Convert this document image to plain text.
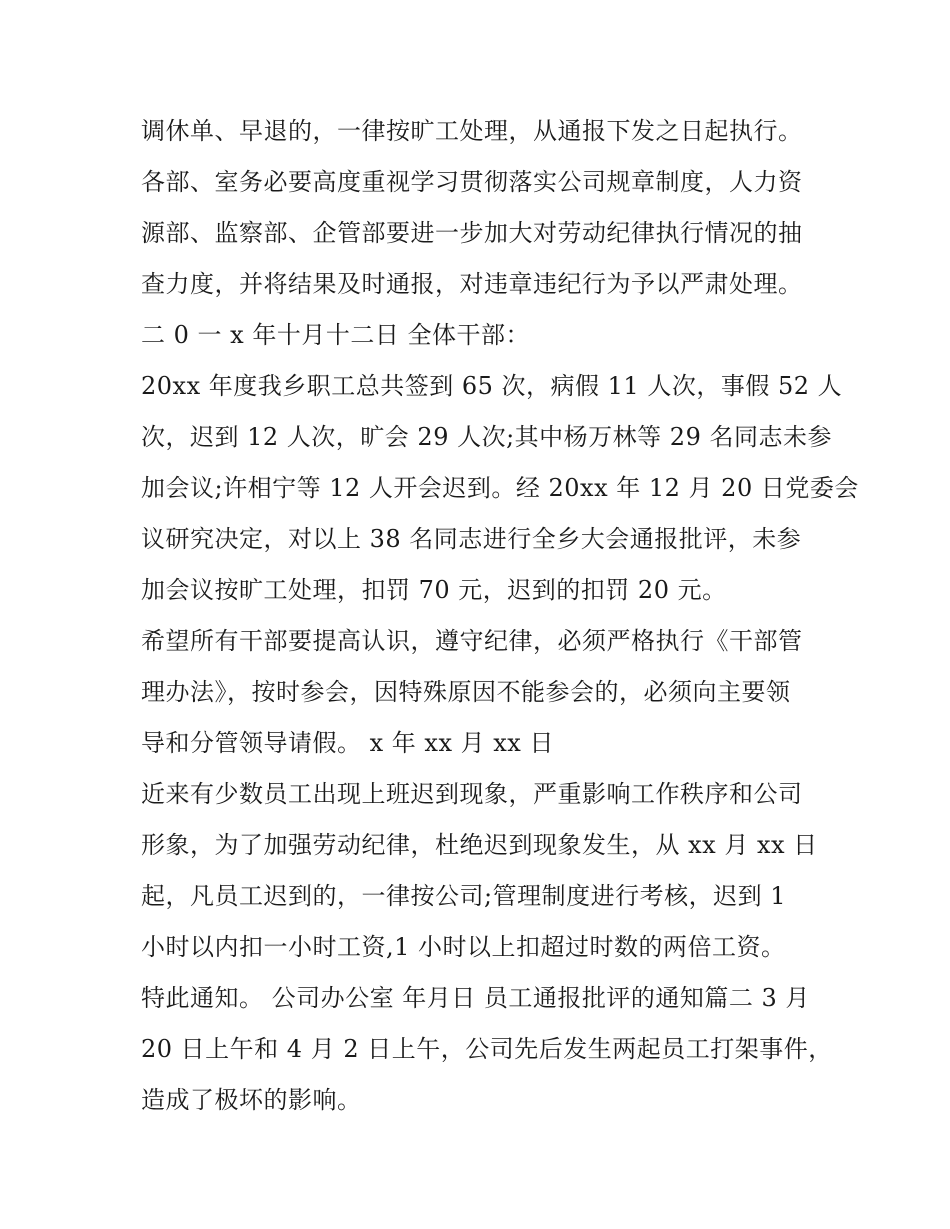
调休单、早退的，一律按旷工处理，从通报下发之日起执行。

各部、室务必要高度重视学习贯彻落实公司规章制度，人力资

源部、监察部、企管部要进一步加大对劳动纪律执行情况的抽

查力度，并将结果及时通报，对违章违纪行为予以严肃处理。

二 0 一 x 年十月十二日 全体干部：

20xx 年度我乡职工总共签到 65 次，病假 11 人次，事假 52 人

次，迟到 12 人次，旷会 29 人次;其中杨万林等 29 名同志未参

加会议;许相宁等 12 人开会迟到。经 20xx 年 12 月 20 日党委会

议研究决定，对以上 38 名同志进行全乡大会通报批评，未参

加会议按旷工处理，扣罚 70 元，迟到的扣罚 20 元。

希望所有干部要提高认识，遵守纪律，必须严格执行《干部管

理办法》，按时参会，因特殊原因不能参会的，必须向主要领

导和分管领导请假。 x 年 xx 月 xx 日

近来有少数员工出现上班迟到现象，严重影响工作秩序和公司

形象，为了加强劳动纪律，杜绝迟到现象发生，从 xx 月 xx 日

起，凡员工迟到的，一律按公司;管理制度进行考核，迟到 1

小时以内扣一小时工资,1 小时以上扣超过时数的两倍工资。

特此通知。 公司办公室 年月日 员工通报批评的通知篇二 3 月

20 日上午和 4 月 2 日上午，公司先后发生两起员工打架事件，

造成了极坏的影响。
